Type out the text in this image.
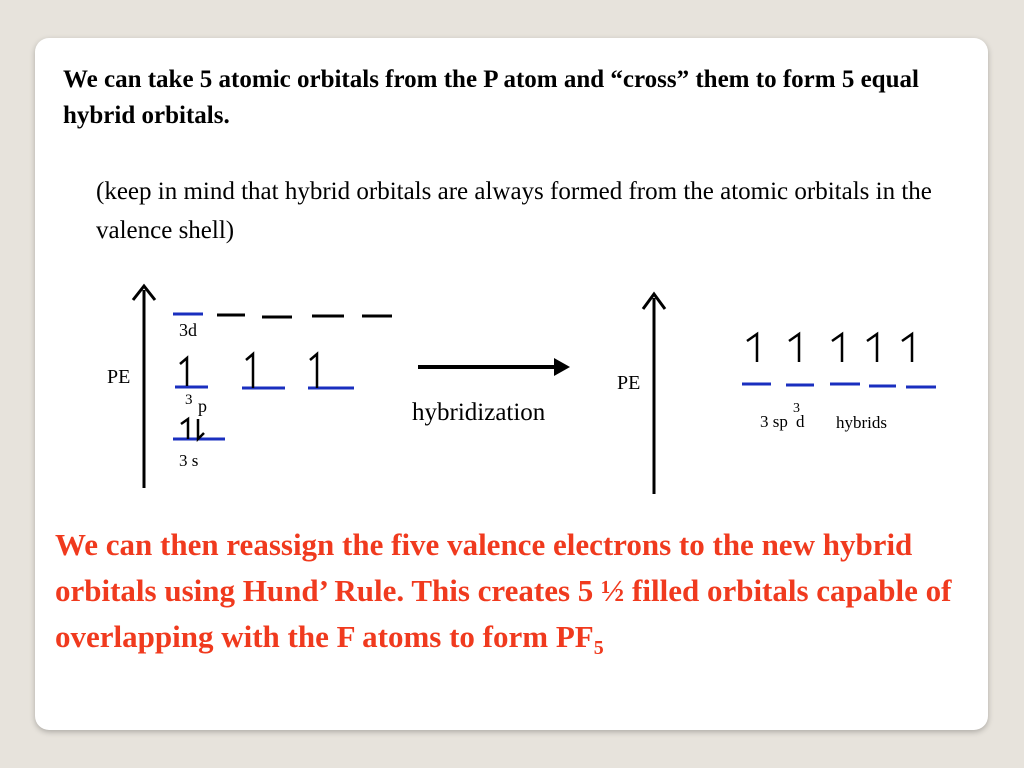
We can take 5 atomic orbitals from the P atom and “cross” them to form 5 equal hybrid orbitals.
(keep in mind that hybrid orbitals are always formed from the atomic orbitals in the valence shell)
PE
3d
3 p
3 s
hybridization
PE
3 sp
3
d hybrids
We can then reassign the five valence electrons to the new hybrid orbitals using Hund’ Rule. This creates 5 ½ filled orbitals capable of overlapping with the F atoms to form $PF_5$
